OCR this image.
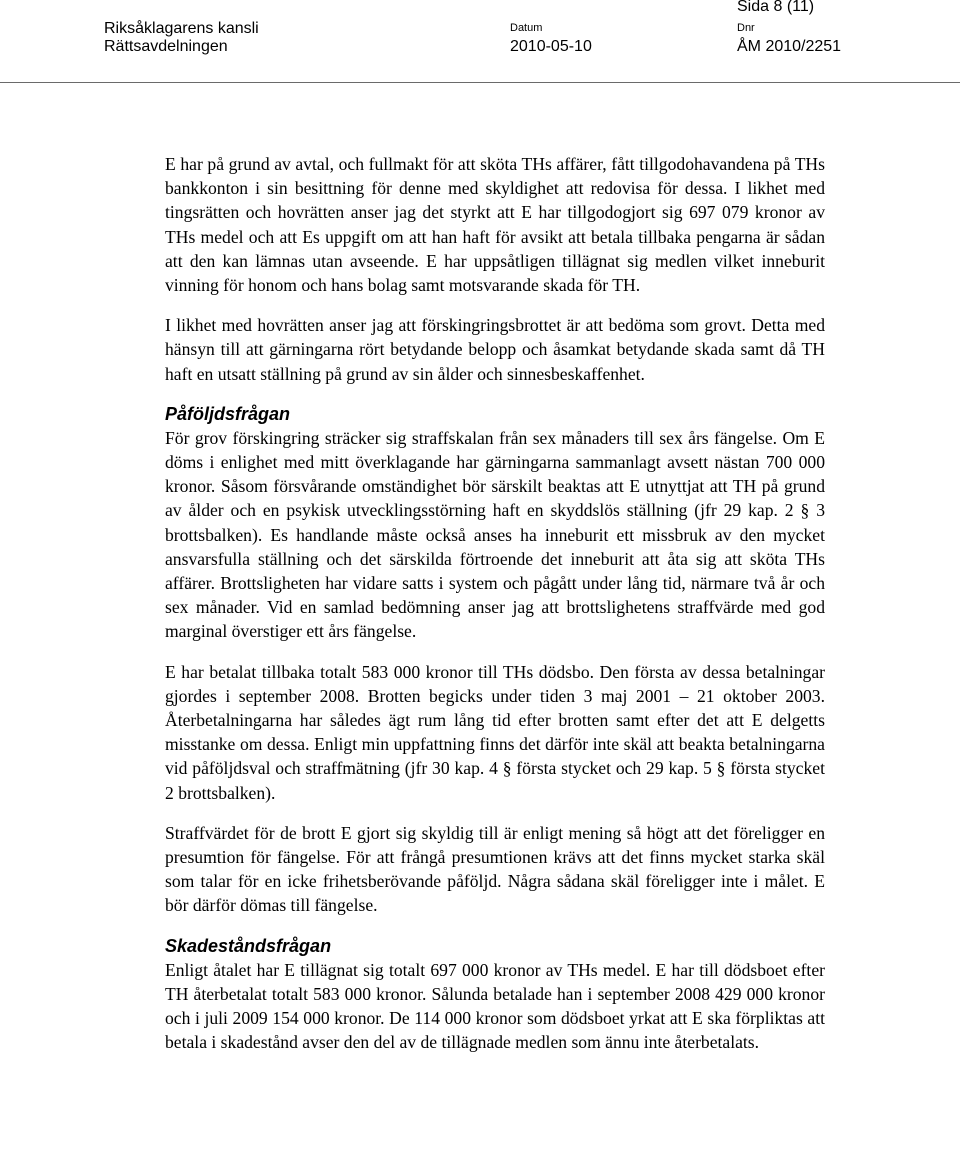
Riksåklagarens kansli
Rättsavdelningen
Datum
2010-05-10
Dnr
ÅM 2010/2251
Sida 8 (11)

E har på grund av avtal, och fullmakt för att sköta THs affärer, fått tillgodohavandena på THs bankkonton i sin besittning för denne med skyldighet att redovisa för dessa. I likhet med tingsrätten och hovrätten anser jag det styrkt att E har tillgodogjort sig 697 079 kronor av THs medel och att Es uppgift om att han haft för avsikt att betala tillbaka pengarna är sådan att den kan lämnas utan avseende. E har uppsåtligen tillägnat sig medlen vilket inneburit vinning för honom och hans bolag samt motsvarande skada för TH.

I likhet med hovrätten anser jag att förskingringsbrottet är att bedöma som grovt. Detta med hänsyn till att gärningarna rört betydande belopp och åsamkat betydande skada samt då TH haft en utsatt ställning på grund av sin ålder och sinnesbeskaffenhet.

Påföljdsfrågan

För grov förskingring sträcker sig straffskalan från sex månaders till sex års fängelse. Om E döms i enlighet med mitt överklagande har gärningarna sammanlagt avsett nästan 700 000 kronor. Såsom försvårande omständighet bör särskilt beaktas att E utnyttjat att TH på grund av ålder och en psykisk utvecklingsstörning haft en skyddslös ställning (jfr 29 kap. 2 § 3 brottsbalken). Es handlande måste också anses ha inneburit ett missbruk av den mycket ansvarsfulla ställning och det särskilda förtroende det inneburit att åta sig att sköta THs affärer. Brottsligheten har vidare satts i system och pågått under lång tid, närmare två år och sex månader. Vid en samlad bedömning anser jag att brottslighetens straffvärde med god marginal överstiger ett års fängelse.

E har betalat tillbaka totalt 583 000 kronor till THs dödsbo. Den första av dessa betalningar gjordes i september 2008. Brotten begicks under tiden 3 maj 2001 – 21 oktober 2003. Återbetalningarna har således ägt rum lång tid efter brotten samt efter det att E delgetts misstanke om dessa. Enligt min uppfattning finns det därför inte skäl att beakta betalningarna vid påföljdsval och straffmätning (jfr 30 kap. 4 § första stycket och 29 kap. 5 § första stycket 2 brottsbalken).

Straffvärdet för de brott E gjort sig skyldig till är enligt mening så högt att det föreligger en presumtion för fängelse. För att frångå presumtionen krävs att det finns mycket starka skäl som talar för en icke frihetsberövande påföljd. Några sådana skäl föreligger inte i målet. E bör därför dömas till fängelse.

Skadeståndsfrågan

Enligt åtalet har E tillägnat sig totalt 697 000 kronor av THs medel. E har till dödsboet efter TH återbetalat totalt 583 000 kronor. Sålunda betalade han i september 2008 429 000 kronor och i juli 2009 154 000 kronor. De 114 000 kronor som dödsboet yrkat att E ska förpliktas att betala i skadestånd avser den del av de tillägnade medlen som ännu inte återbetalats.
